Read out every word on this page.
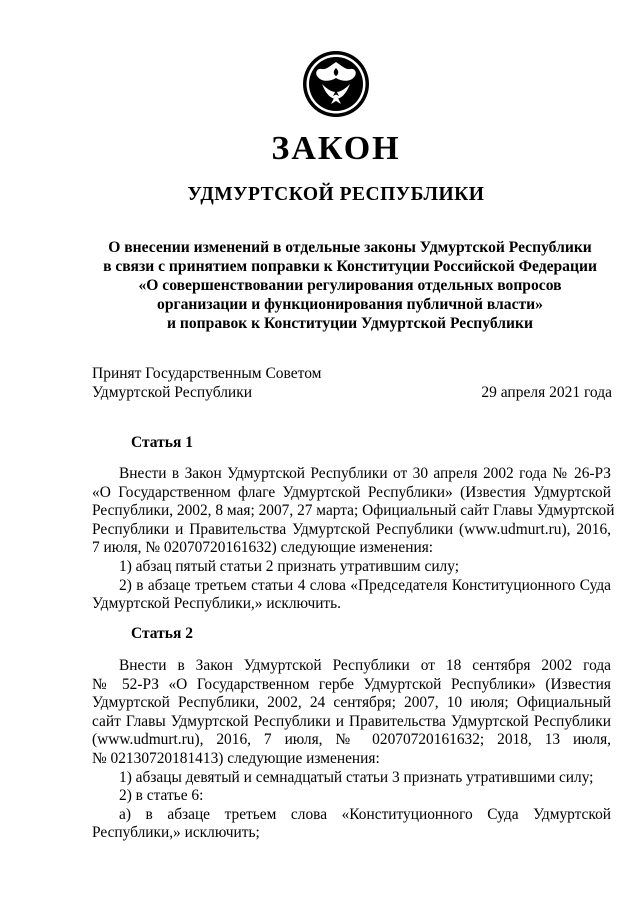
ЗАКОН
УДМУРТСКОЙ РЕСПУБЛИКИ
О внесении изменений в отдельные законы Удмуртской Республики
в связи с принятием поправки к Конституции Российской Федерации
«О совершенствовании регулирования отдельных вопросов
организации и функционирования публичной власти»
и поправок к Конституции Удмуртской Республики
Принят Государственным Советом
Удмуртской Республики	29 апреля 2021 года
Статья 1
Внести в Закон Удмуртской Республики от 30 апреля 2002 года № 26-РЗ
«О Государственном флаге Удмуртской Республики» (Известия Удмуртской
Республики, 2002, 8 мая; 2007, 27 марта; Официальный сайт Главы Удмуртской
Республики и Правительства Удмуртской Республики (www.udmurt.ru), 2016,
7 июля, № 02070720161632) следующие изменения:
1) абзац пятый статьи 2 признать утратившим силу;
2) в абзаце третьем статьи 4 слова «Председателя Конституционного Суда
Удмуртской Республики,» исключить.
Статья 2
Внести в Закон Удмуртской Республики от 18 сентября 2002 года
№ 52-РЗ «О Государственном гербе Удмуртской Республики» (Известия
Удмуртской Республики, 2002, 24 сентября; 2007, 10 июля; Официальный
сайт Главы Удмуртской Республики и Правительства Удмуртской Республики
(www.udmurt.ru), 2016, 7 июля, № 02070720161632; 2018, 13 июля,
№ 02130720181413) следующие изменения:
1) абзацы девятый и семнадцатый статьи 3 признать утратившими силу;
2) в статье 6:
а) в абзаце третьем слова «Конституционного Суда Удмуртской
Республики,» исключить;
